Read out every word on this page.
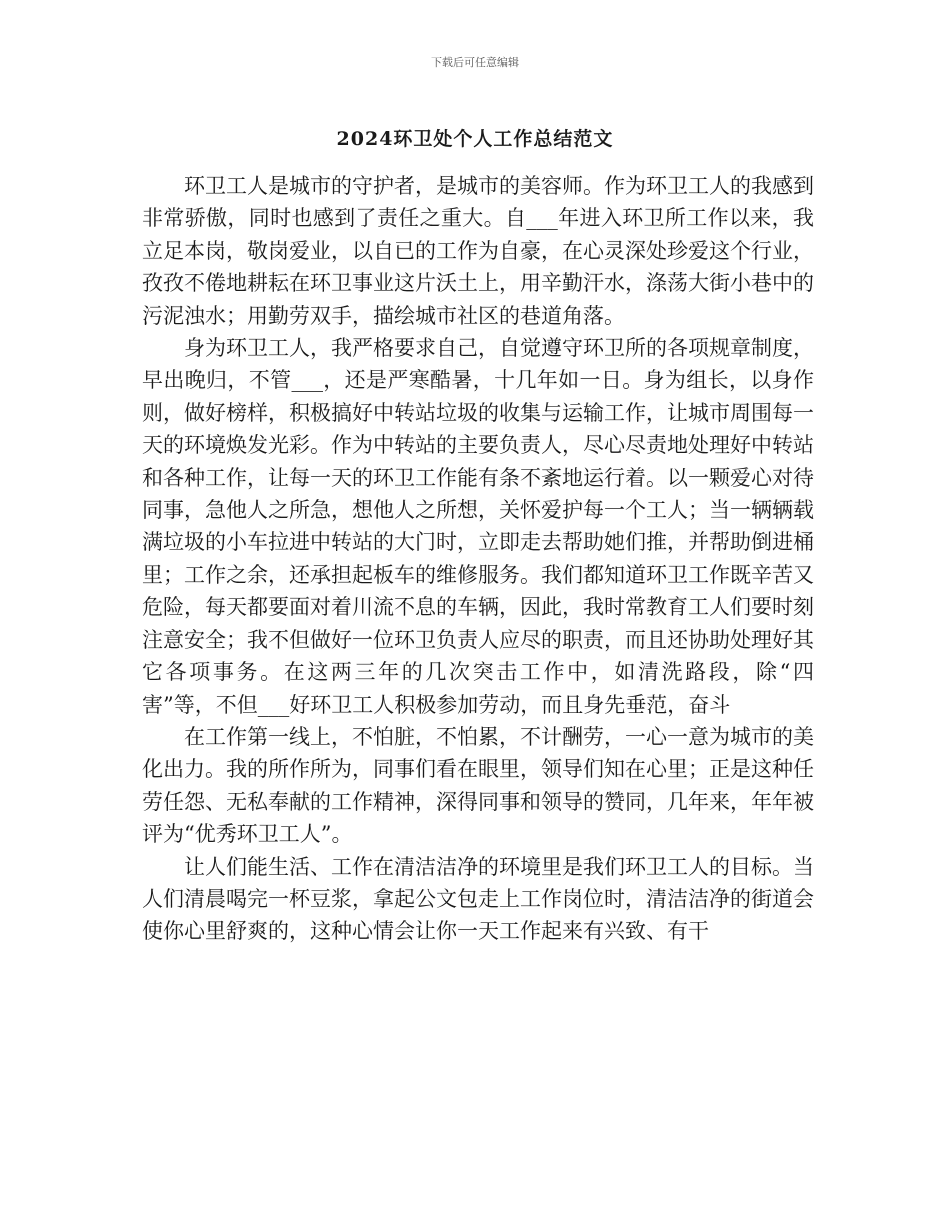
下载后可任意编辑
2024环卫处个人工作总结范文

环卫工人是城市的守护者，是城市的美容师。作为环卫工人的我感到非常骄傲，同时也感到了责任之重大。自___年进入环卫所工作以来，我立足本岗，敬岗爱业，以自已的工作为自豪，在心灵深处珍爱这个行业，孜孜不倦地耕耘在环卫事业这片沃土上，用辛勤汗水，涤荡大街小巷中的污泥浊水；用勤劳双手，描绘城市社区的巷道角落。

身为环卫工人，我严格要求自己，自觉遵守环卫所的各项规章制度，早出晚归，不管___，还是严寒酷暑，十几年如一日。身为组长，以身作则，做好榜样，积极搞好中转站垃圾的收集与运输工作，让城市周围每一天的环境焕发光彩。作为中转站的主要负责人，尽心尽责地处理好中转站和各种工作，让每一天的环卫工作能有条不紊地运行着。以一颗爱心对待同事，急他人之所急，想他人之所想，关怀爱护每一个工人；当一辆辆载满垃圾的小车拉进中转站的大门时，立即走去帮助她们推，并帮助倒进桶里；工作之余，还承担起板车的维修服务。我们都知道环卫工作既辛苦又危险，每天都要面对着川流不息的车辆，因此，我时常教育工人们要时刻注意安全；我不但做好一位环卫负责人应尽的职责，而且还协助处理好其它各项事务。在这两三年的几次突击工作中，如清洗路段，除“四害”等，不但___好环卫工人积极参加劳动，而且身先垂范，奋斗

在工作第一线上，不怕脏，不怕累，不计酬劳，一心一意为城市的美化出力。我的所作所为，同事们看在眼里，领导们知在心里；正是这种任劳任怨、无私奉献的工作精神，深得同事和领导的赞同，几年来，年年被评为“优秀环卫工人”。

让人们能生活、工作在清洁洁净的环境里是我们环卫工人的目标。当人们清晨喝完一杯豆浆，拿起公文包走上工作岗位时，清洁洁净的街道会使你心里舒爽的，这种心情会让你一天工作起来有兴致、有干
